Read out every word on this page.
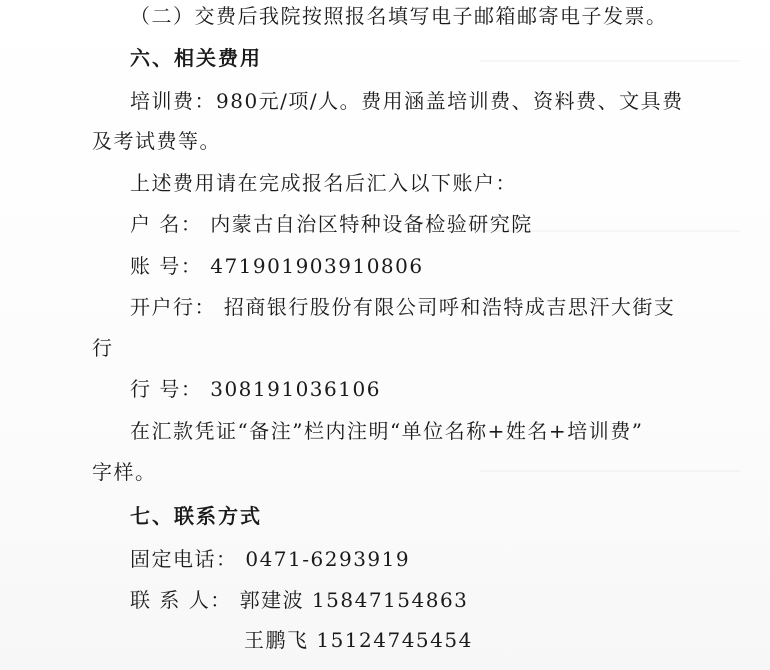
（二）交费后我院按照报名填写电子邮箱邮寄电子发票。
六、相关费用
培训费：980元/项/人。费用涵盖培训费、资料费、文具费
及考试费等。
上述费用请在完成报名后汇入以下账户：
户 名： 内蒙古自治区特种设备检验研究院
账 号： 471901903910806
开户行： 招商银行股份有限公司呼和浩特成吉思汗大街支
行
行 号： 308191036106
在汇款凭证“备注”栏内注明“单位名称+姓名+培训费”
字样。
七、联系方式
固定电话： 0471-6293919
联 系 人： 郭建波 15847154863
王鹏飞 15124745454
